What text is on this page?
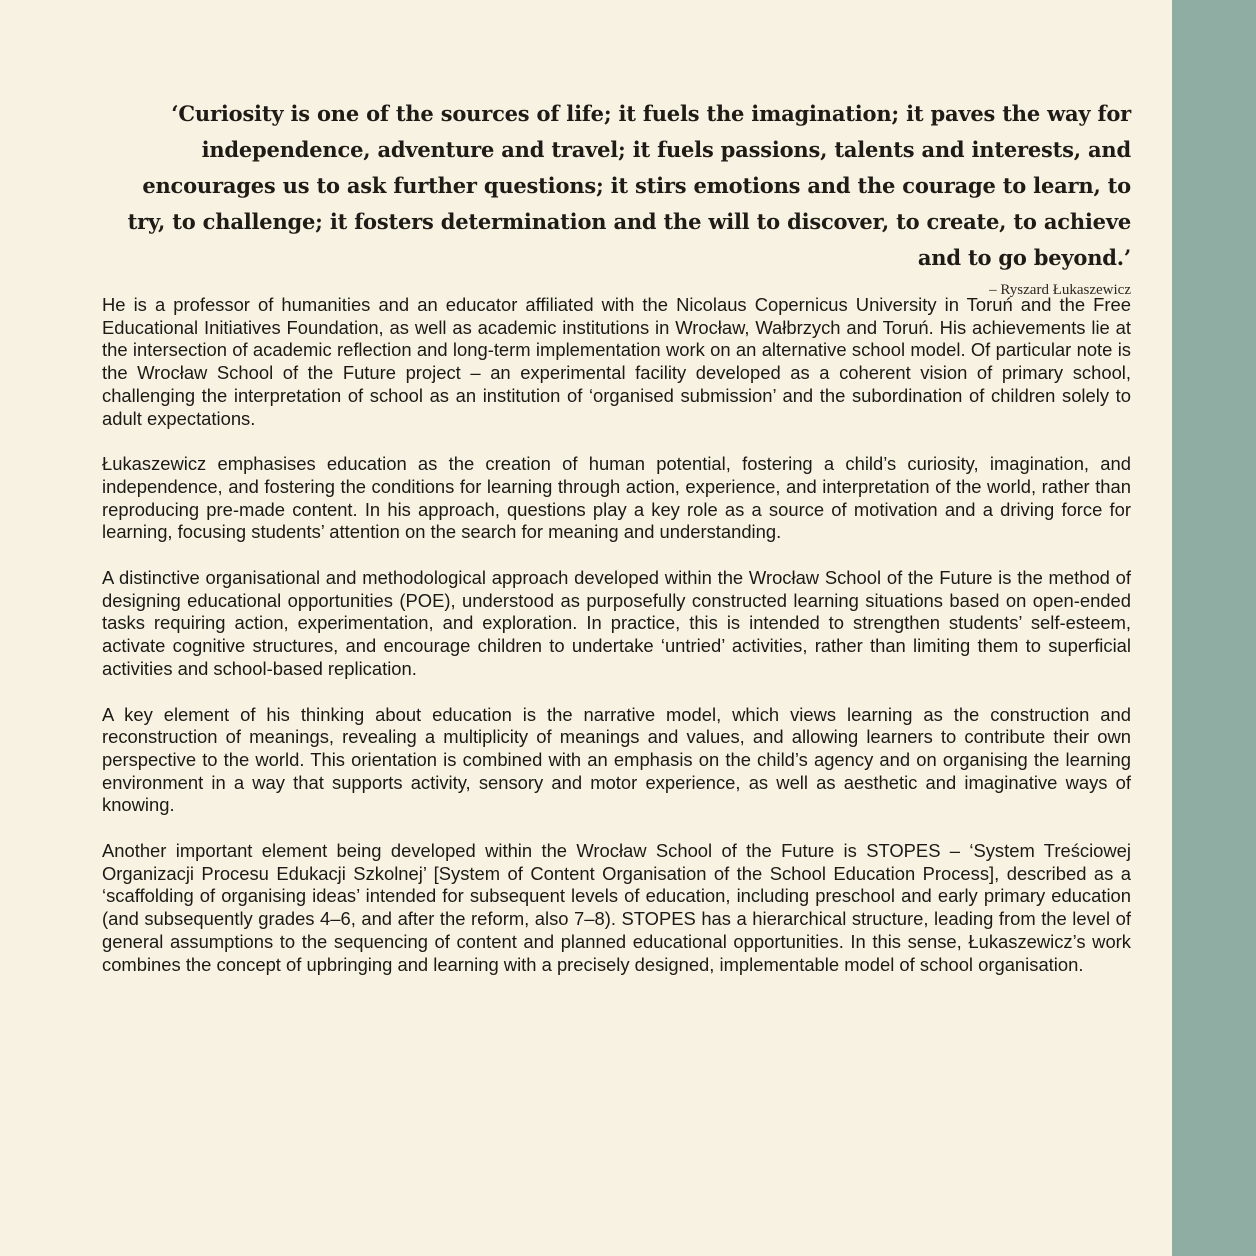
‘Curiosity is one of the sources of life; it fuels the imagination; it paves the way for independence, adventure and travel; it fuels passions, talents and interests, and encourages us to ask further questions; it stirs emotions and the courage to learn, to try, to challenge; it fosters determination and the will to discover, to create, to achieve and to go beyond.’

– Ryszard Łukaszewicz

He is a professor of humanities and an educator affiliated with the Nicolaus Copernicus University in Toruń and the Free Educational Initiatives Foundation, as well as academic institutions in Wrocław, Wałbrzych and Toruń. His achievements lie at the intersection of academic reflection and long-term implementation work on an alternative school model. Of particular note is the Wrocław School of the Future project – an experimental facility developed as a coherent vision of primary school, challenging the interpretation of school as an institution of ‘organised submission’ and the subordination of children solely to adult expectations.

Łukaszewicz emphasises education as the creation of human potential, fostering a child’s curiosity, imagination, and independence, and fostering the conditions for learning through action, experience, and interpretation of the world, rather than reproducing pre-made content. In his approach, questions play a key role as a source of motivation and a driving force for learning, focusing students’ attention on the search for meaning and understanding.

A distinctive organisational and methodological approach developed within the Wrocław School of the Future is the method of designing educational opportunities (POE), understood as purposefully constructed learning situations based on open-ended tasks requiring action, experimentation, and exploration. In practice, this is intended to strengthen students’ self-esteem, activate cognitive structures, and encourage children to undertake ‘untried’ activities, rather than limiting them to superficial activities and school-based replication.

A key element of his thinking about education is the narrative model, which views learning as the construction and reconstruction of meanings, revealing a multiplicity of meanings and values, and allowing learners to contribute their own perspective to the world. This orientation is combined with an emphasis on the child’s agency and on organising the learning environment in a way that supports activity, sensory and motor experience, as well as aesthetic and imaginative ways of knowing.

Another important element being developed within the Wrocław School of the Future is STOPES – ‘System Treściowej Organizacji Procesu Edukacji Szkolnej’ [System of Content Organisation of the School Education Process], described as a ‘scaffolding of organising ideas’ intended for subsequent levels of education, including preschool and early primary education (and subsequently grades 4–6, and after the reform, also 7–8). STOPES has a hierarchical structure, leading from the level of general assumptions to the sequencing of content and planned educational opportunities. In this sense, Łukaszewicz’s work combines the concept of upbringing and learning with a precisely designed, implementable model of school organisation.
